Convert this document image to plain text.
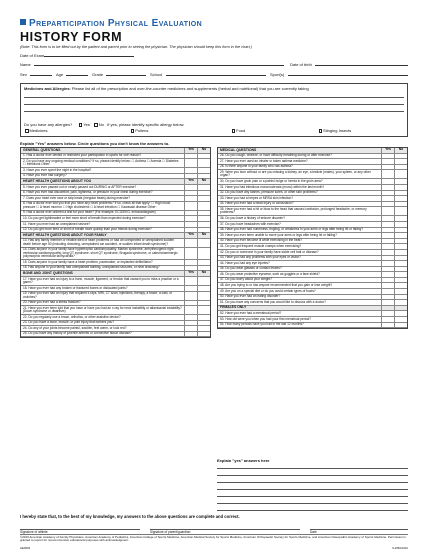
Preparticipation Physical Evaluation
HISTORY FORM
(Note: This form is to be filled out by the patient and parent prior to seeing the physician. The physician should keep this form in the chart.)
Date of Exam
Name	Date of birth
Sex	Age	Grade	School	Sport(s)
Medicines and Allergies: Please list all of the prescription and over-the-counter medicines and supplements (herbal and nutritional) that you are currently taking
Do you have any allergies?	Yes No If yes, please identify specific allergy below.
Medicines	Pollens	Food	Stinging Insects
Explain "Yes" answers below. Circle questions you don't know the answers to.
GENERAL QUESTIONS	Yes	No
1. Has a doctor ever denied or restricted your participation in sports for one reason?
2. Do you have any ongoing medical conditions? If so, please identify below: ☐ Asthma ☐ Anemia ☐ Diabetes ☐ Infections Other:
3. Have you ever spent the night in the hospital?
4. Have you ever had surgery?
HEART HEALTH QUESTIONS ABOUT YOU	Yes	No
5. Have you ever passed out or nearly passed out DURING or AFTER exercise?
6. Have you ever had discomfort, pain, tightness, or pressure in your chest during exercise?
7. Does your heart ever race or skip beats (irregular beats) during exercise?
8. Has a doctor ever told you that you have any heart problems? If so, check all that apply: ☐ High blood pressure ☐ A heart murmur ☐ High cholesterol ☐ A heart infection ☐ Kawasaki disease Other:
9. Has a doctor ever ordered a test for your heart? (For example, ECG/EKG, echocardiogram)
10. Do you get lightheaded or feel more short of breath than expected during exercise?
11. Have you ever had an unexplained seizure?
12. Do you get more tired or short of breath more quickly than your friends during exercise?
HEART HEALTH QUESTIONS ABOUT YOUR FAMILY	Yes	No
13. Has any family member or relative died of heart problems or had an unexpected or unexplained sudden death before age 50 (including drowning, unexplained car accident, or sudden infant death syndrome)?
14. Does anyone in your family have hypertrophic cardiomyopathy, Marfan syndrome, arrhythmogenic right ventricular cardiomyopathy, long QT syndrome, short QT syndrome, Brugada syndrome, or catecholaminergic polymorphic ventricular tachycardia?
15. Does anyone in your family have a heart problem, pacemaker, or implanted defibrillator?
16. Has anyone in your family had unexplained fainting, unexplained seizures, or near drowning?
BONE AND JOINT QUESTIONS	Yes	No
17. Have you ever had an injury to a bone, muscle, ligament, or tendon that caused you to miss a practice or a game?
18. Have you ever had any broken or fractured bones or dislocated joints?
19. Have you ever had an injury that required x-rays, MRI, CT scan, injections, therapy, a brace, a cast, or crutches?
20. Have you ever had a stress fracture?
21. Have you ever been told that you have or have you had an x-ray for neck instability or atlantoaxial instability? (Down syndrome or dwarfism)
22. Do you regularly use a brace, orthotics, or other assistive device?
23. Do you have a bone, muscle, or joint injury that bothers you?
24. Do any of your joints become painful, swollen, feel warm, or look red?
25. Do you have any history of juvenile arthritis or connective tissue disease?
MEDICAL QUESTIONS	Yes	No
26. Do you cough, wheeze, or have difficulty breathing during or after exercise?
27. Have you ever used an inhaler or taken asthma medicine?
28. Is there anyone in your family who has asthma?
29. Were you born without or are you missing a kidney, an eye, a testicle (males), your spleen, or any other organ?
30. Do you have groin pain or a painful bulge or hernia in the groin area?
31. Have you had infectious mononucleosis (mono) within the last month?
32. Do you have any rashes, pressure sores, or other skin problems?
33. Have you had a herpes or MRSA skin infection?
34. Have you ever had a head injury or concussion?
35. Have you ever had a hit or blow to the head that caused confusion, prolonged headache, or memory problems?
36. Do you have a history of seizure disorder?
37. Do you have headaches with exercise?
38. Have you ever had numbness, tingling, or weakness in your arms or legs after being hit or falling?
39. Have you ever been unable to move your arms or legs after being hit or falling?
40. Have you ever become ill while exercising in the heat?
41. Do you get frequent muscle cramps when exercising?
42. Do you or someone in your family have sickle cell trait or disease?
43. Have you had any problems with your eyes or vision?
44. Have you had any eye injuries?
45. Do you wear glasses or contact lenses?
46. Do you wear protective eyewear, such as goggles or a face shield?
47. Do you worry about your weight?
48. Are you trying to or has anyone recommended that you gain or lose weight?
49. Are you on a special diet or do you avoid certain types of foods?
50. Have you ever had an eating disorder?
51. Do you have any concerns that you would like to discuss with a doctor?
FEMALES ONLY
52. Have you ever had a menstrual period?
53. How old were you when you had your first menstrual period?
54. How many periods have you had in the last 12 months?
Explain "yes" answers here
I hereby state that, to the best of my knowledge, my answers to the above questions are complete and correct.
Signature of athlete	Signature of parent/guardian	Date
©2010 American Academy of Family Physicians, American Academy of Pediatrics, American College of Sports Medicine, American Medical Society for Sports Medicine, American Orthopaedic Society for Sports Medicine, and American Osteopathic Academy of Sports Medicine. Permission is granted to reprint for noncommercial, educational purposes with acknowledgment.
HE0503	9-2681/0410
